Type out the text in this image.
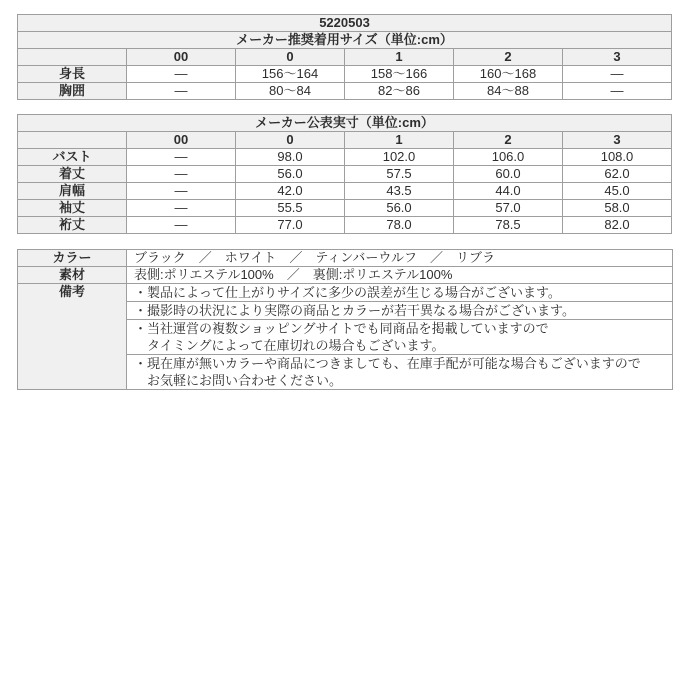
5220503					
メーカー推奨着用サイズ（単位:cm）					
	00	0	1	2	3
身長	―	156～164	158～166	160～168	―
胸囲	―	80～84	82～86	84～88	―
メーカー公表実寸（単位:cm）					
	00	0	1	2	3
バスト	―	98.0	102.0	106.0	108.0
着丈	―	56.0	57.5	60.0	62.0
肩幅	―	42.0	43.5	44.0	45.0
袖丈	―	55.5	56.0	57.0	58.0
裄丈	―	77.0	78.0	78.5	82.0
カラー	ブラック　／　ホワイト　／　ティンバーウルフ　／　リブラ
素材	表側:ポリエステル100%　／　裏側:ポリエステル100%
備考	・製品によって仕上がりサイズに多少の誤差が生じる場合がございます。

	・撮影時の状況により実際の商品とカラーが若干異なる場合がございます。

	・当社運営の複数ショッピングサイトでも同商品を掲載していますので
タイミングによって在庫切れの場合もございます。

	・現在庫が無いカラーや商品につきましても、在庫手配が可能な場合もございますので
お気軽にお問い合わせください。
